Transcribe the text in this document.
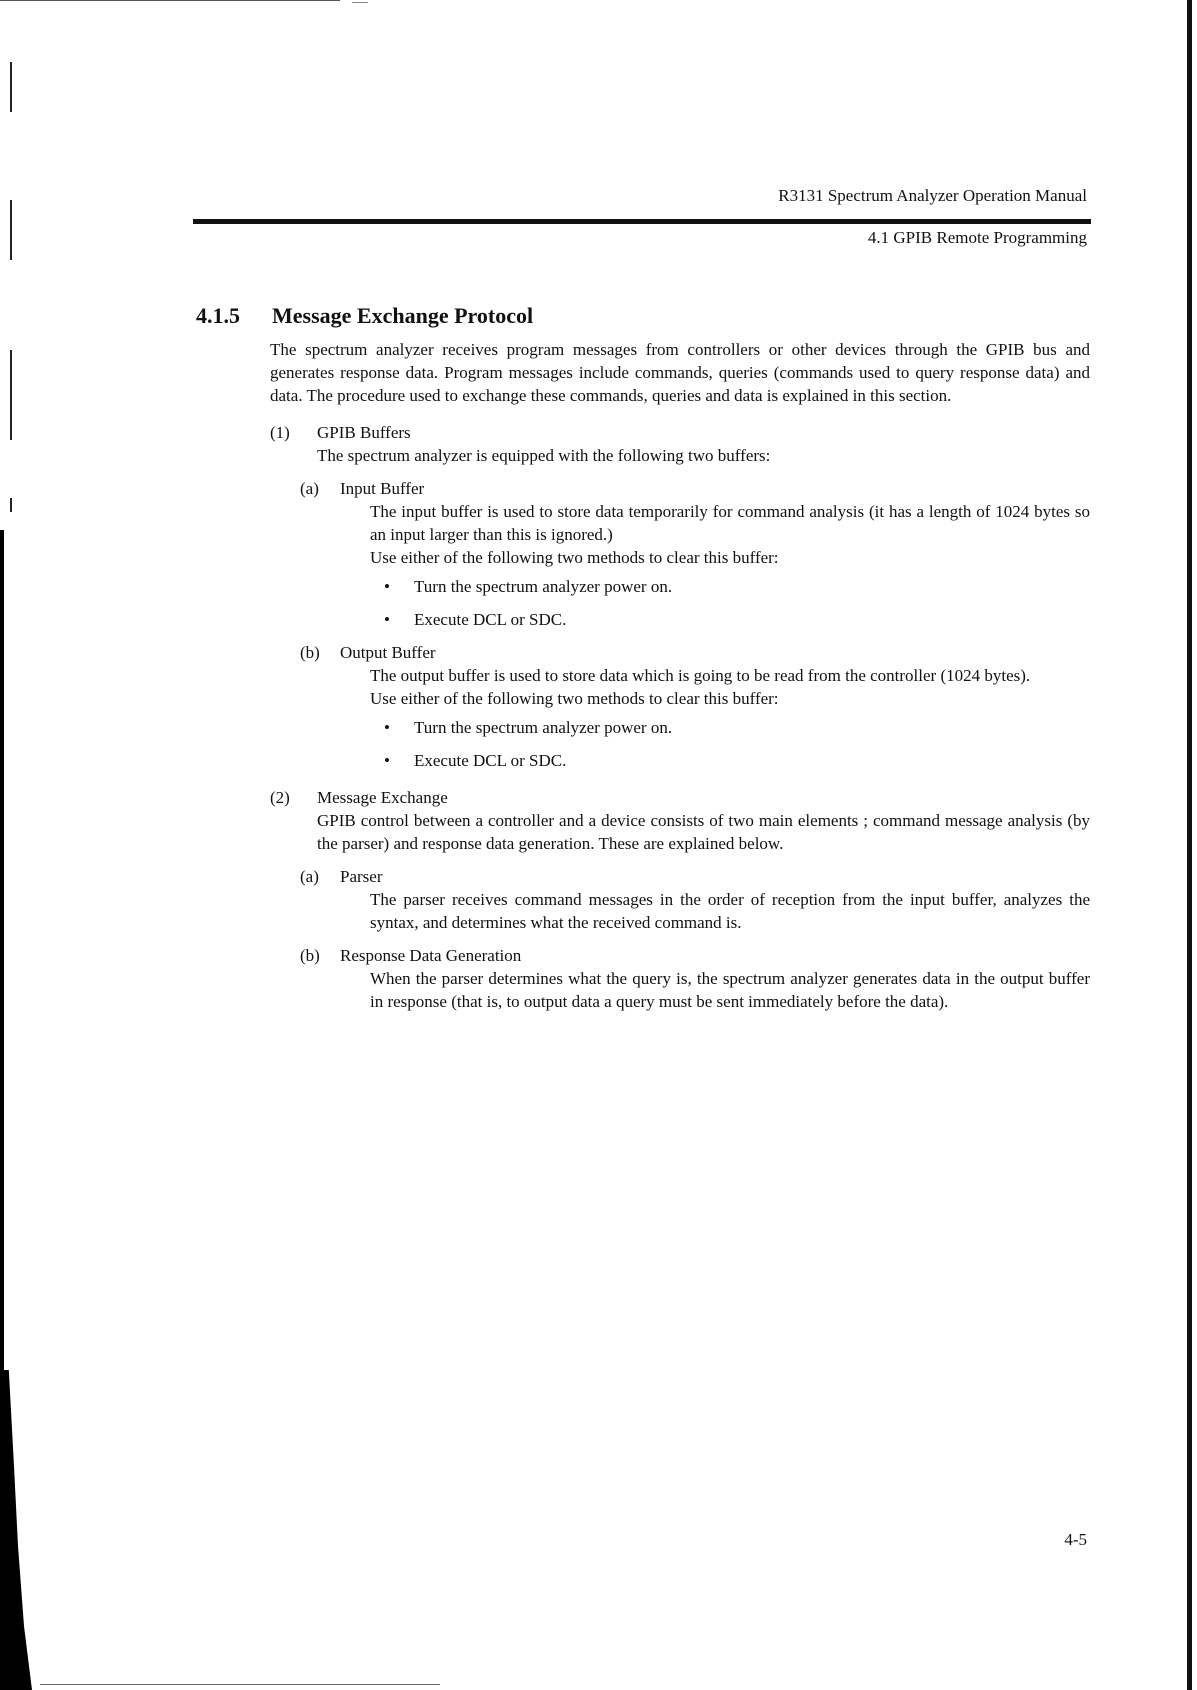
R3131 Spectrum Analyzer Operation Manual
4.1 GPIB Remote Programming
4.1.5 Message Exchange Protocol

The spectrum analyzer receives program messages from controllers or other devices through the GPIB bus and generates response data. Program messages include commands, queries (commands used to query response data) and data. The procedure used to exchange these commands, queries and data is explained in this section.

(1)	GPIB Buffers

The spectrum analyzer is equipped with the following two buffers:

(a)	Input Buffer

The input buffer is used to store data temporarily for command analysis (it has a length of 1024 bytes so an input larger than this is ignored.)
Use either of the following two methods to clear this buffer:

•	Turn the spectrum analyzer power on.
•	Execute DCL or SDC.
(b)	Output Buffer

The output buffer is used to store data which is going to be read from the controller (1024 bytes).
Use either of the following two methods to clear this buffer:

•	Turn the spectrum analyzer power on.
•	Execute DCL or SDC.
(2)	Message Exchange

GPIB control between a controller and a device consists of two main elements ; command message analysis (by the parser) and response data generation. These are explained below.

(a)	Parser

The parser receives command messages in the order of reception from the input buffer, analyzes the syntax, and determines what the received command is.

(b)	Response Data Generation

When the parser determines what the query is, the spectrum analyzer generates data in the output buffer in response (that is, to output data a query must be sent immediately before the data).

4-5
